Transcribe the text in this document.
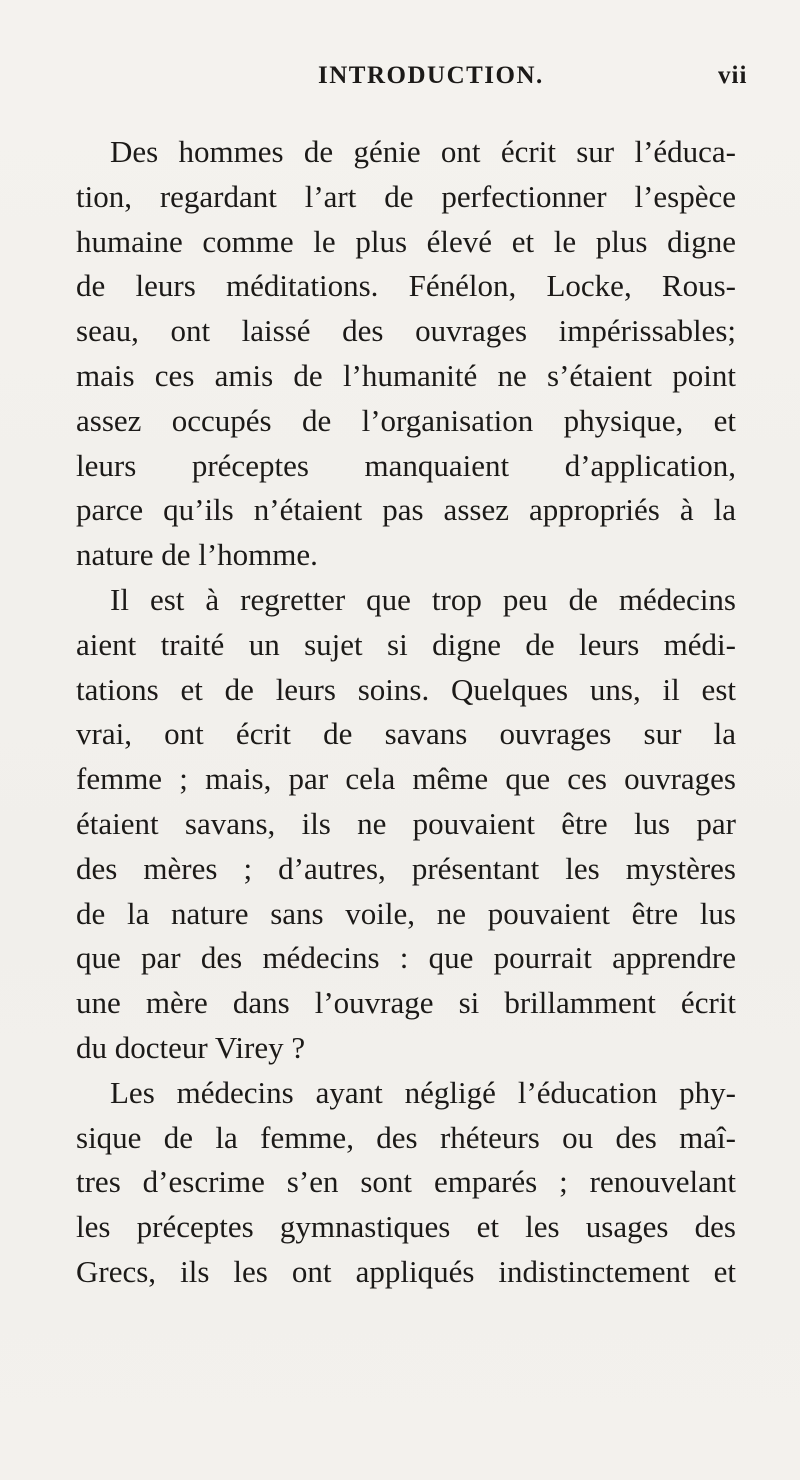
INTRODUCTION.	vii
Des hommes de génie ont écrit sur l’éduca-
tion, regardant l’art de perfectionner l’espèce
humaine comme le plus élevé et le plus digne
de leurs méditations. Fénélon, Locke, Rous-
seau, ont laissé des ouvrages impérissables;
mais ces amis de l’humanité ne s’étaient point
assez occupés de l’organisation physique, et
leurs préceptes manquaient d’application,
parce qu’ils n’étaient pas assez appropriés à la
nature de l’homme.
Il est à regretter que trop peu de médecins
aient traité un sujet si digne de leurs médi-
tations et de leurs soins. Quelques uns, il est
vrai, ont écrit de savans ouvrages sur la
femme ; mais, par cela même que ces ouvrages
étaient savans, ils ne pouvaient être lus par
des mères ; d’autres, présentant les mystères
de la nature sans voile, ne pouvaient être lus
que par des médecins : que pourrait apprendre
une mère dans l’ouvrage si brillamment écrit
du docteur Virey ?
Les médecins ayant négligé l’éducation phy-
sique de la femme, des rhéteurs ou des maî-
tres d’escrime s’en sont emparés ; renouvelant
les préceptes gymnastiques et les usages des
Grecs, ils les ont appliqués indistinctement et
